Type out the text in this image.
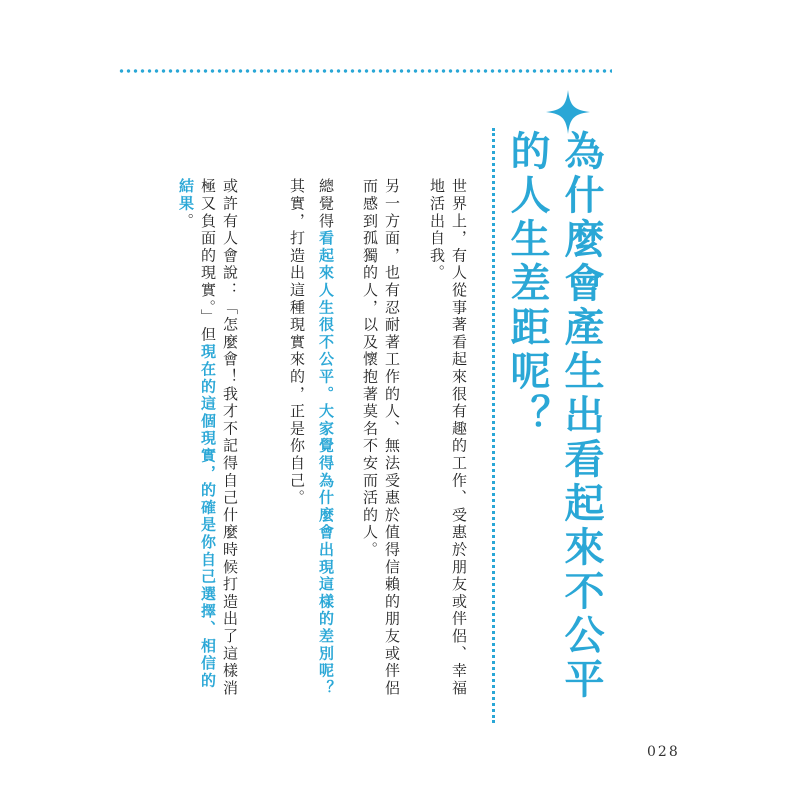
為什麼會產生出看起來不公平的人生差距呢？

世界上，有人從事著看起來很有趣的工作、受惠於朋友或伴侶、幸福地活出自我。

另一方面，也有忍耐著工作的人、無法受惠於值得信賴的朋友或伴侶而感到孤獨的人，以及懷抱著莫名不安而活的人。

總覺得看起來人生很不公平。大家覺得為什麼會出現這樣的差別呢？

其實，打造出這種現實來的，正是你自己。

或許有人會說：「怎麼會！我才不記得自己什麼時候打造出了這樣消極又負面的現實。」但現在的這個現實，的確是你自己選擇、相信的結果。

028
